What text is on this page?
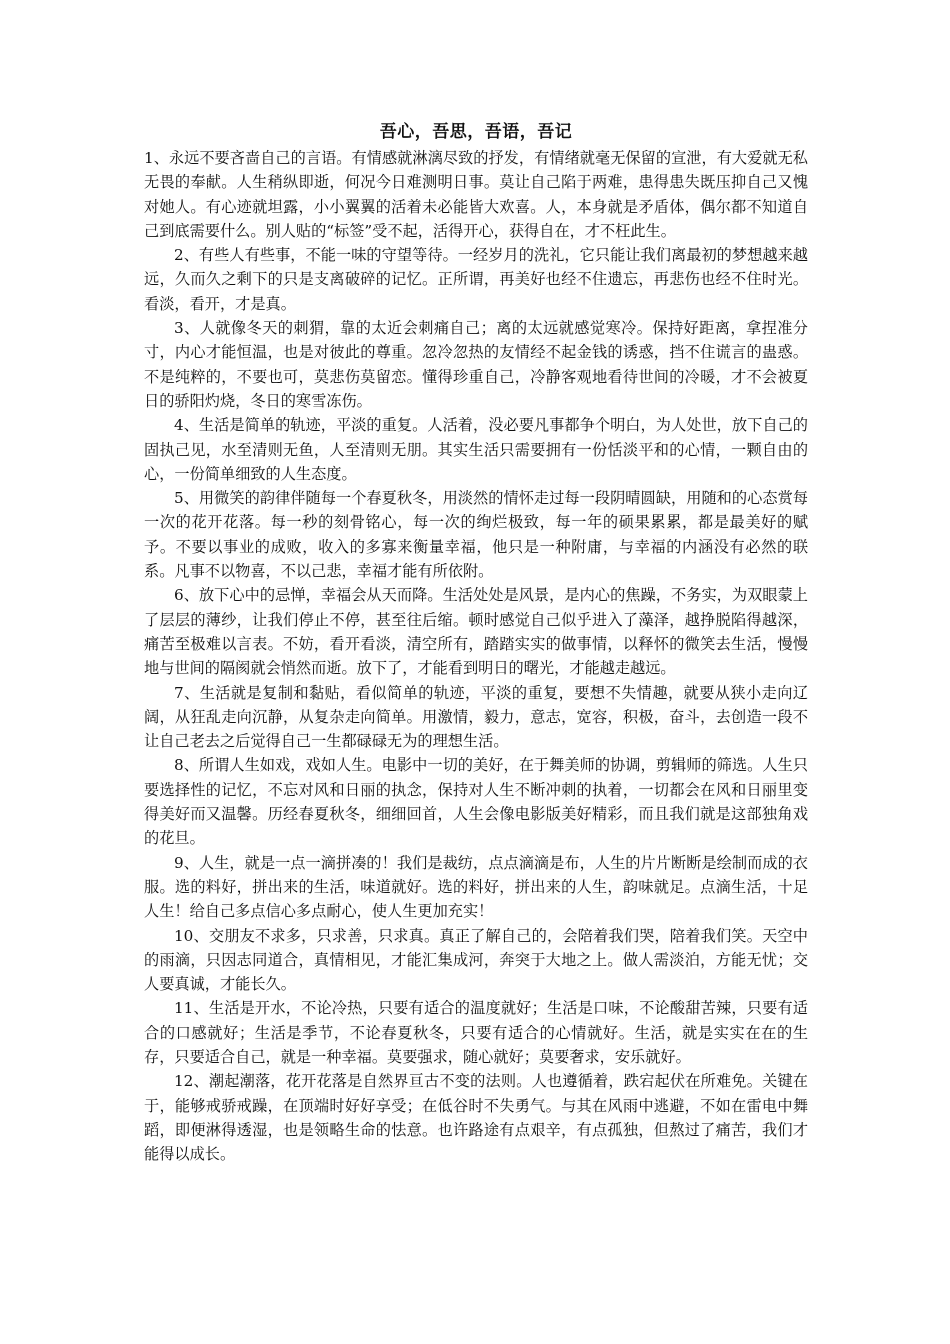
吾心，吾思，吾语，吾记

1、永远不要吝啬自己的言语。有情感就淋漓尽致的抒发，有情绪就毫无保留的宣泄，有大爱就无私无畏的奉献。人生稍纵即逝，何况今日难测明日事。莫让自己陷于两难，患得患失既压抑自己又愧对她人。有心迹就坦露，小小翼翼的活着未必能皆大欢喜。人，本身就是矛盾体，偶尔都不知道自己到底需要什么。别人贴的“标签”受不起，活得开心，获得自在，才不枉此生。

2、有些人有些事，不能一味的守望等待。一经岁月的洗礼，它只能让我们离最初的梦想越来越远，久而久之剩下的只是支离破碎的记忆。正所谓，再美好也经不住遗忘，再悲伤也经不住时光。看淡，看开，才是真。

3、人就像冬天的刺猬，靠的太近会刺痛自己；离的太远就感觉寒冷。保持好距离，拿捏准分寸，内心才能恒温，也是对彼此的尊重。忽冷忽热的友情经不起金钱的诱惑，挡不住谎言的蛊惑。不是纯粹的，不要也可，莫悲伤莫留恋。懂得珍重自己，冷静客观地看待世间的冷暖，才不会被夏日的骄阳灼烧，冬日的寒雪冻伤。

4、生活是简单的轨迹，平淡的重复。人活着，没必要凡事都争个明白，为人处世，放下自己的固执己见，水至清则无鱼，人至清则无朋。其实生活只需要拥有一份恬淡平和的心情，一颗自由的心，一份简单细致的人生态度。

5、用微笑的韵律伴随每一个春夏秋冬，用淡然的情怀走过每一段阴晴圆缺，用随和的心态赏每一次的花开花落。每一秒的刻骨铭心，每一次的绚烂极致，每一年的硕果累累，都是最美好的赋予。不要以事业的成败，收入的多寡来衡量幸福，他只是一种附庸，与幸福的内涵没有必然的联系。凡事不以物喜，不以己悲，幸福才能有所依附。

6、放下心中的忌惮，幸福会从天而降。生活处处是风景，是内心的焦躁，不务实，为双眼蒙上了层层的薄纱，让我们停止不停，甚至往后缩。顿时感觉自己似乎进入了藻泽，越挣脱陷得越深，痛苦至极难以言表。不妨，看开看淡，清空所有，踏踏实实的做事情，以释怀的微笑去生活，慢慢地与世间的隔阂就会悄然而逝。放下了，才能看到明日的曙光，才能越走越远。

7、生活就是复制和黏贴，看似简单的轨迹，平淡的重复，要想不失情趣，就要从狭小走向辽阔，从狂乱走向沉静，从复杂走向简单。用激情，毅力，意志，宽容，积极，奋斗，去创造一段不让自己老去之后觉得自己一生都碌碌无为的理想生活。

8、所谓人生如戏，戏如人生。电影中一切的美好，在于舞美师的协调，剪辑师的筛选。人生只要选择性的记忆，不忘对风和日丽的执念，保持对人生不断冲刺的执着，一切都会在风和日丽里变得美好而又温馨。历经春夏秋冬，细细回首，人生会像电影版美好精彩，而且我们就是这部独角戏的花旦。

9、人生，就是一点一滴拼凑的！我们是裁纺，点点滴滴是布，人生的片片断断是绘制而成的衣服。选的料好，拼出来的生活，味道就好。选的料好，拼出来的人生，韵味就足。点滴生活，十足人生！给自己多点信心多点耐心，使人生更加充实！

10、交朋友不求多，只求善，只求真。真正了解自己的，会陪着我们哭，陪着我们笑。天空中的雨滴，只因志同道合，真情相见，才能汇集成河，奔突于大地之上。做人需淡泊，方能无忧；交人要真诚，才能长久。

11、生活是开水，不论冷热，只要有适合的温度就好；生活是口味，不论酸甜苦辣，只要有适合的口感就好；生活是季节，不论春夏秋冬，只要有适合的心情就好。生活，就是实实在在的生存，只要适合自己，就是一种幸福。莫要强求，随心就好；莫要奢求，安乐就好。

12、潮起潮落，花开花落是自然界亘古不变的法则。人也遵循着，跌宕起伏在所难免。关键在于，能够戒骄戒躁，在顶端时好好享受；在低谷时不失勇气。与其在风雨中逃避，不如在雷电中舞蹈，即便淋得透湿，也是领略生命的怯意。也许路途有点艰辛，有点孤独，但熬过了痛苦，我们才能得以成长。
